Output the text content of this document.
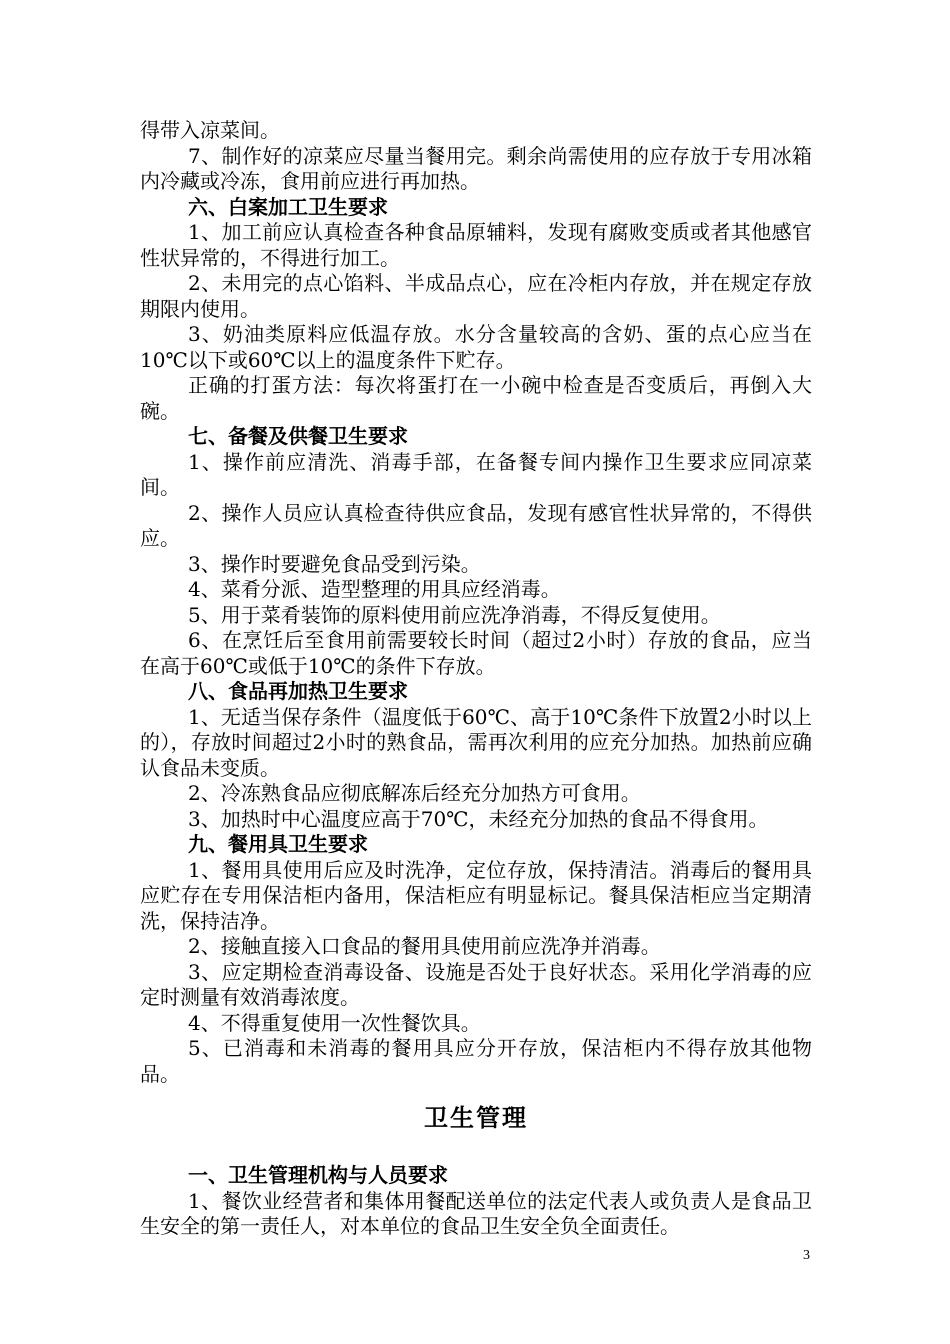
得带入凉菜间。

7、制作好的凉菜应尽量当餐用完。剩余尚需使用的应存放于专用冰箱内冷藏或冷冻，食用前应进行再加热。

六、白案加工卫生要求

1、加工前应认真检查各种食品原辅料，发现有腐败变质或者其他感官性状异常的，不得进行加工。

2、未用完的点心馅料、半成品点心，应在冷柜内存放，并在规定存放期限内使用。

3、奶油类原料应低温存放。水分含量较高的含奶、蛋的点心应当在10℃以下或60℃以上的温度条件下贮存。

正确的打蛋方法：每次将蛋打在一小碗中检查是否变质后，再倒入大碗。

七、备餐及供餐卫生要求

1、操作前应清洗、消毒手部，在备餐专间内操作卫生要求应同凉菜间。

2、操作人员应认真检查待供应食品，发现有感官性状异常的，不得供应。

3、操作时要避免食品受到污染。

4、菜肴分派、造型整理的用具应经消毒。

5、用于菜肴装饰的原料使用前应洗净消毒，不得反复使用。

6、在烹饪后至食用前需要较长时间（超过2小时）存放的食品，应当在高于60℃或低于10℃的条件下存放。

八、食品再加热卫生要求

1、无适当保存条件（温度低于60℃、高于10℃条件下放置2小时以上的），存放时间超过2小时的熟食品，需再次利用的应充分加热。加热前应确认食品未变质。

2、冷冻熟食品应彻底解冻后经充分加热方可食用。

3、加热时中心温度应高于70℃，未经充分加热的食品不得食用。

九、餐用具卫生要求

1、餐用具使用后应及时洗净，定位存放，保持清洁。消毒后的餐用具应贮存在专用保洁柜内备用，保洁柜应有明显标记。餐具保洁柜应当定期清洗，保持洁净。

2、接触直接入口食品的餐用具使用前应洗净并消毒。

3、应定期检查消毒设备、设施是否处于良好状态。采用化学消毒的应定时测量有效消毒浓度。

4、不得重复使用一次性餐饮具。

5、已消毒和未消毒的餐用具应分开存放，保洁柜内不得存放其他物品。

卫生管理

一、卫生管理机构与人员要求

1、餐饮业经营者和集体用餐配送单位的法定代表人或负责人是食品卫生安全的第一责任人，对本单位的食品卫生安全负全面责任。

3
